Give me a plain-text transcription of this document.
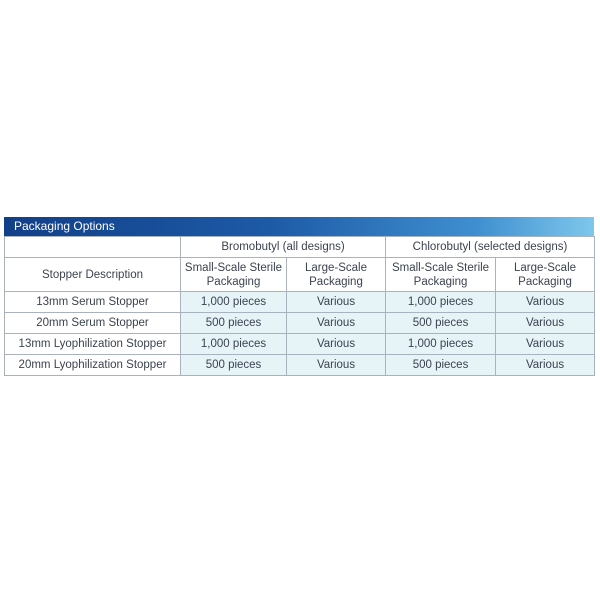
Packaging Options
	Bromobutyl (all designs)		Chlorobutyl (selected designs)	
Stopper Description	Small-Scale Sterile Packaging	Large-Scale Packaging	Small-Scale Sterile Packaging	Large-Scale Packaging
13mm Serum Stopper	1,000 pieces	Various	1,000 pieces	Various
20mm Serum Stopper	500 pieces	Various	500 pieces	Various
13mm Lyophilization Stopper	1,000 pieces	Various	1,000 pieces	Various
20mm Lyophilization Stopper	500 pieces	Various	500 pieces	Various
